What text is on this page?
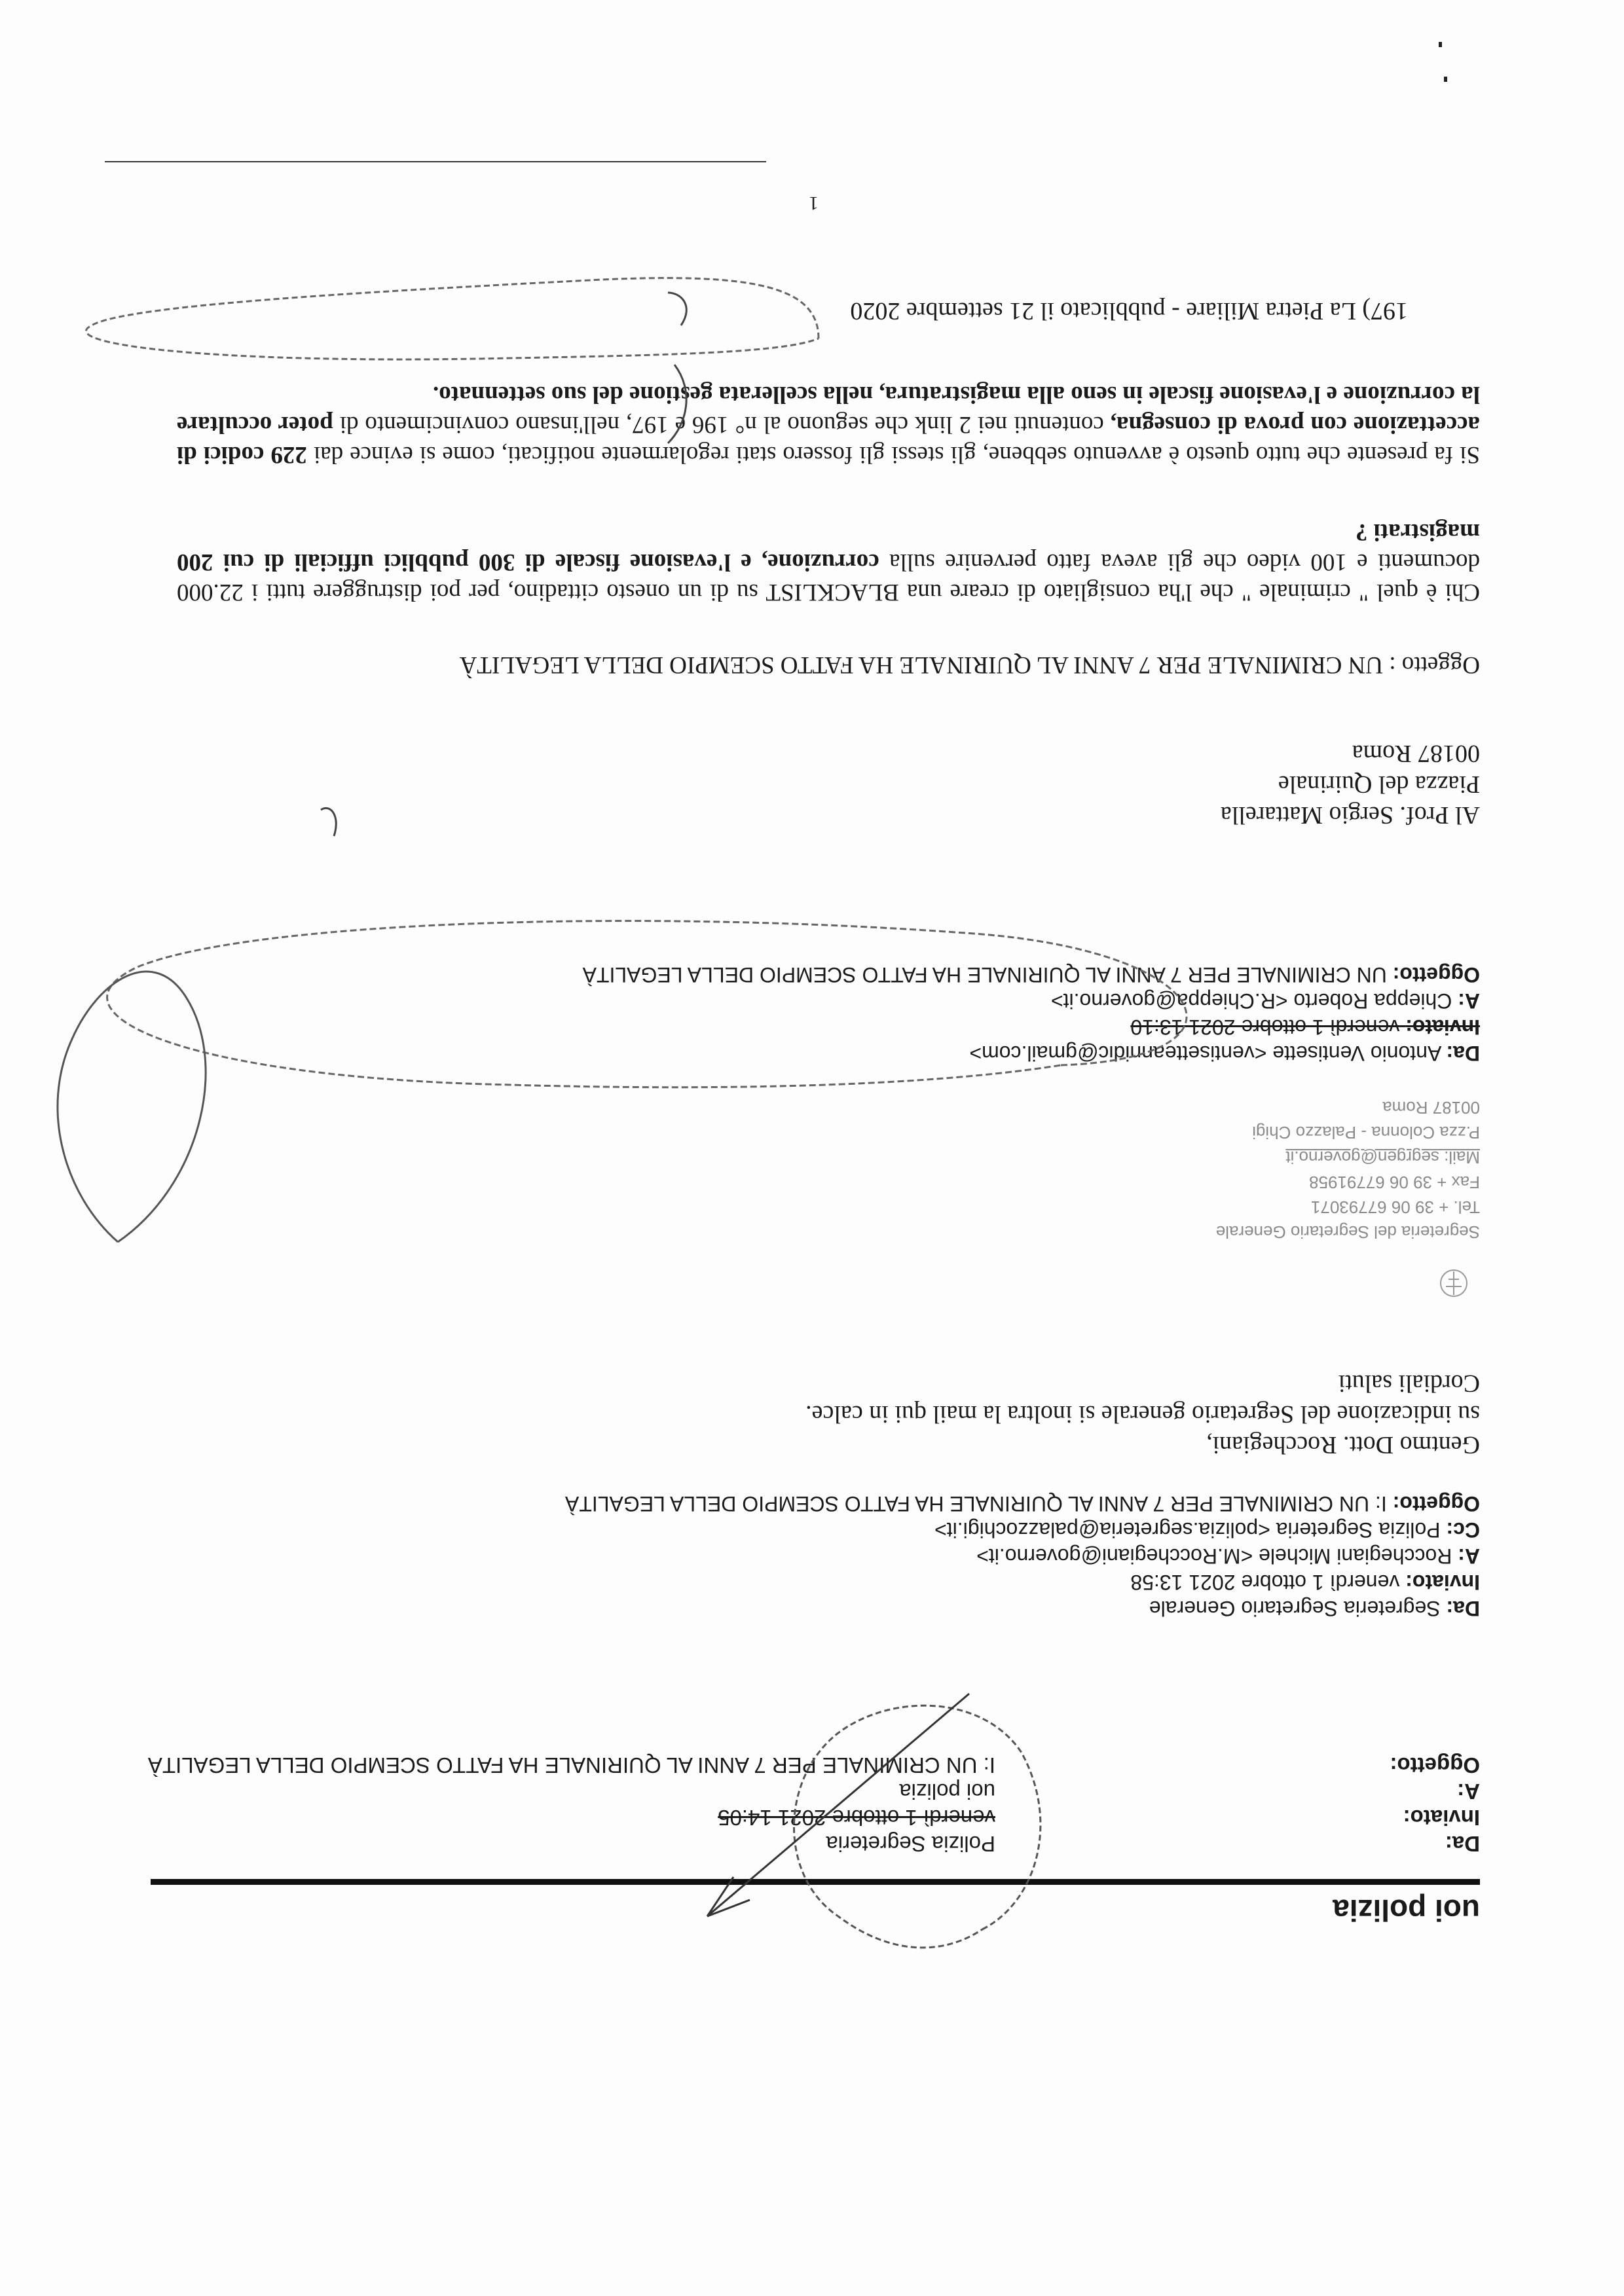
uoi polizia
Da:
Polizia Segreteria
Inviato:
venerdì 1 ottobre 2021 14:05
A:
uoi polizia
Oggetto:
I: UN CRIMINALE PER 7 ANNI AL QUIRINALE HA FATTO SCEMPIO DELLA LEGALITÀ
Da: Segreteria Segretario Generale
Inviato: venerdì 1 ottobre 2021 13:58
A: Rocchegiani Michele <M.Rocchegiani@governo.it>
Cc: Polizia Segreteria <polizia.segreteria@palazzochigi.it>
Oggetto: I: UN CRIMINALE PER 7 ANNI AL QUIRINALE HA FATTO SCEMPIO DELLA LEGALITÀ
Gentmo Dott. Rocchegiani,
su indicazione del Segretario generale si inoltra la mail qui in calce.
Cordiali saluti
Segreteria del Segretario Generale
Tel. + 39 06 67793071
Fax + 39 06 67791958
Mail: segrgen@governo.it
P.zza Colonna - Palazzo Chigi
00187 Roma
Da: Antonio Ventisette <ventisetteannidic@gmail.com>
Inviato: venerdì 1 ottobre 2021 13:10
A: Chieppa Roberto <R.Chieppa@governo.it>
Oggetto: UN CRIMINALE PER 7 ANNI AL QUIRINALE HA FATTO SCEMPIO DELLA LEGALITÀ
Al Prof. Sergio Mattarella
Piazza del Quirinale
00187 Roma
Oggetto : UN CRIMINALE PER 7 ANNI AL QUIRINALE HA FATTO SCEMPIO DELLA LEGALITÀ
Chi è quel " criminale " che l'ha consigliato di creare una BLACKLIST su di un onesto cittadino, per poi distruggere tutti i 22.000 documenti e 100 video che gli aveva fatto pervenire sulla corruzione, e l'evasione fiscale di 300 pubblici ufficiali di cui 200 magistrati ?
Si fa presente che tutto questo è avvenuto sebbene, gli stessi gli fossero stati regolarmente notificati, come si evince dai 229 codici di accettazione con prova di consegna, contenuti nei 2 link che seguono al n° 196 e 197, nell'insano convincimento di poter occultare la corruzione e l'evasione fiscale in seno alla magistratura, nella scellerata gestione del suo settennato.
197) La Pietra Miliare - pubblicato il 21 settembre 2020
1
